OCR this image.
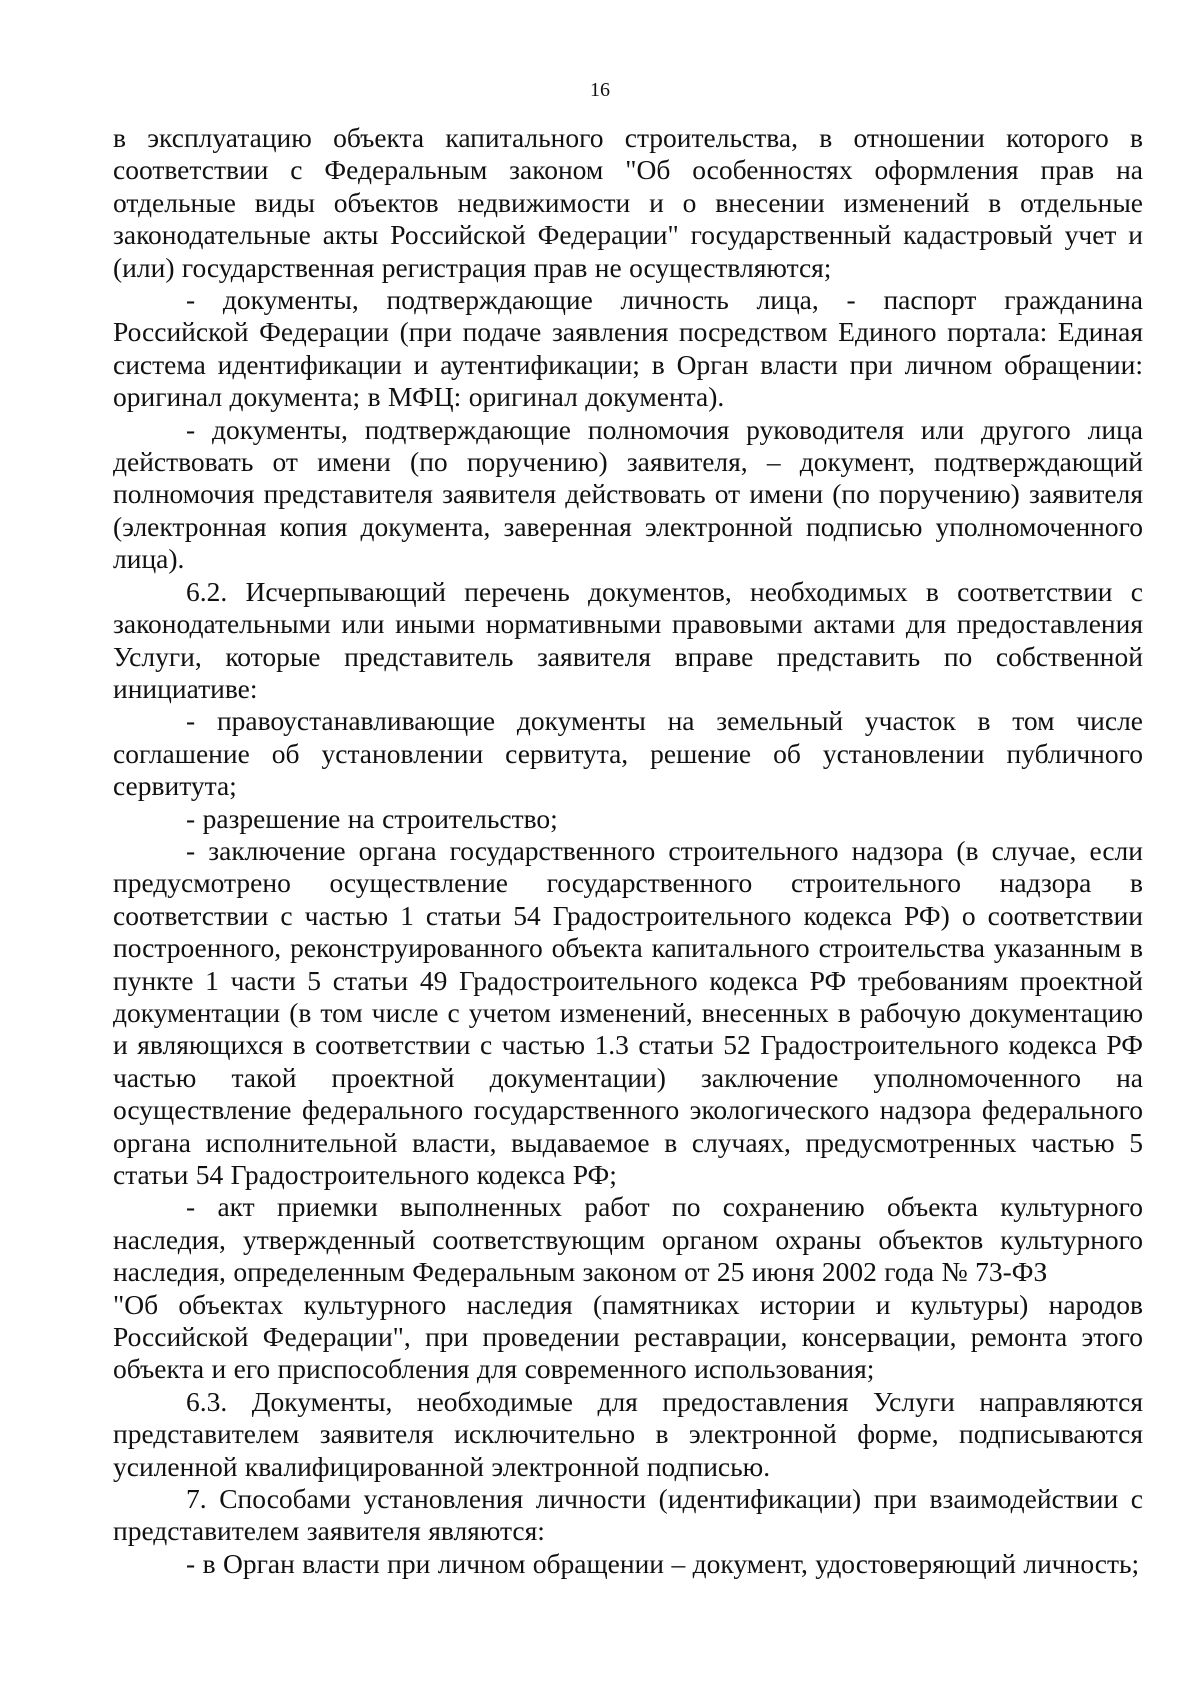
16

в эксплуатацию объекта капитального строительства, в отношении которого в соответствии с Федеральным законом "Об особенностях оформления прав на отдельные виды объектов недвижимости и о внесении изменений в отдельные законодательные акты Российской Федерации" государственный кадастровый учет и (или) государственная регистрация прав не осуществляются;

- документы, подтверждающие личность лица, - паспорт гражданина Российской Федерации (при подаче заявления посредством Единого портала: Единая система идентификации и аутентификации; в Орган власти при личном обращении: оригинал документа; в МФЦ: оригинал документа).

- документы, подтверждающие полномочия руководителя или другого лица действовать от имени (по поручению) заявителя, – документ, подтверждающий полномочия представителя заявителя действовать от имени (по поручению) заявителя (электронная копия документа, заверенная электронной подписью уполномоченного лица).

6.2. Исчерпывающий перечень документов, необходимых в соответствии с законодательными или иными нормативными правовыми актами для предоставления Услуги, которые представитель заявителя вправе представить по собственной инициативе:

- правоустанавливающие документы на земельный участок в том числе соглашение об установлении сервитута, решение об установлении публичного сервитута;

- разрешение на строительство;

- заключение органа государственного строительного надзора (в случае, если предусмотрено осуществление государственного строительного надзора в соответствии с частью 1 статьи 54 Градостроительного кодекса РФ) о соответствии построенного, реконструированного объекта капитального строительства указанным в пункте 1 части 5 статьи 49 Градостроительного кодекса РФ требованиям проектной документации (в том числе с учетом изменений, внесенных в рабочую документацию и являющихся в соответствии с частью 1.3 статьи 52 Градостроительного кодекса РФ частью такой проектной документации) заключение уполномоченного на осуществление федерального государственного экологического надзора федерального органа исполнительной власти, выдаваемое в случаях, предусмотренных частью 5 статьи 54 Градостроительного кодекса РФ;

- акт приемки выполненных работ по сохранению объекта культурного наследия, утвержденный соответствующим органом охраны объектов культурного наследия, определенным Федеральным законом от 25 июня 2002 года № 73-ФЗ

"Об объектах культурного наследия (памятниках истории и культуры) народов Российской Федерации", при проведении реставрации, консервации, ремонта этого объекта и его приспособления для современного использования;

6.3. Документы, необходимые для предоставления Услуги направляются представителем заявителя исключительно в электронной форме, подписываются усиленной квалифицированной электронной подписью.

7. Способами установления личности (идентификации) при взаимодействии с представителем заявителя являются:

- в Орган власти при личном обращении – документ, удостоверяющий личность;
